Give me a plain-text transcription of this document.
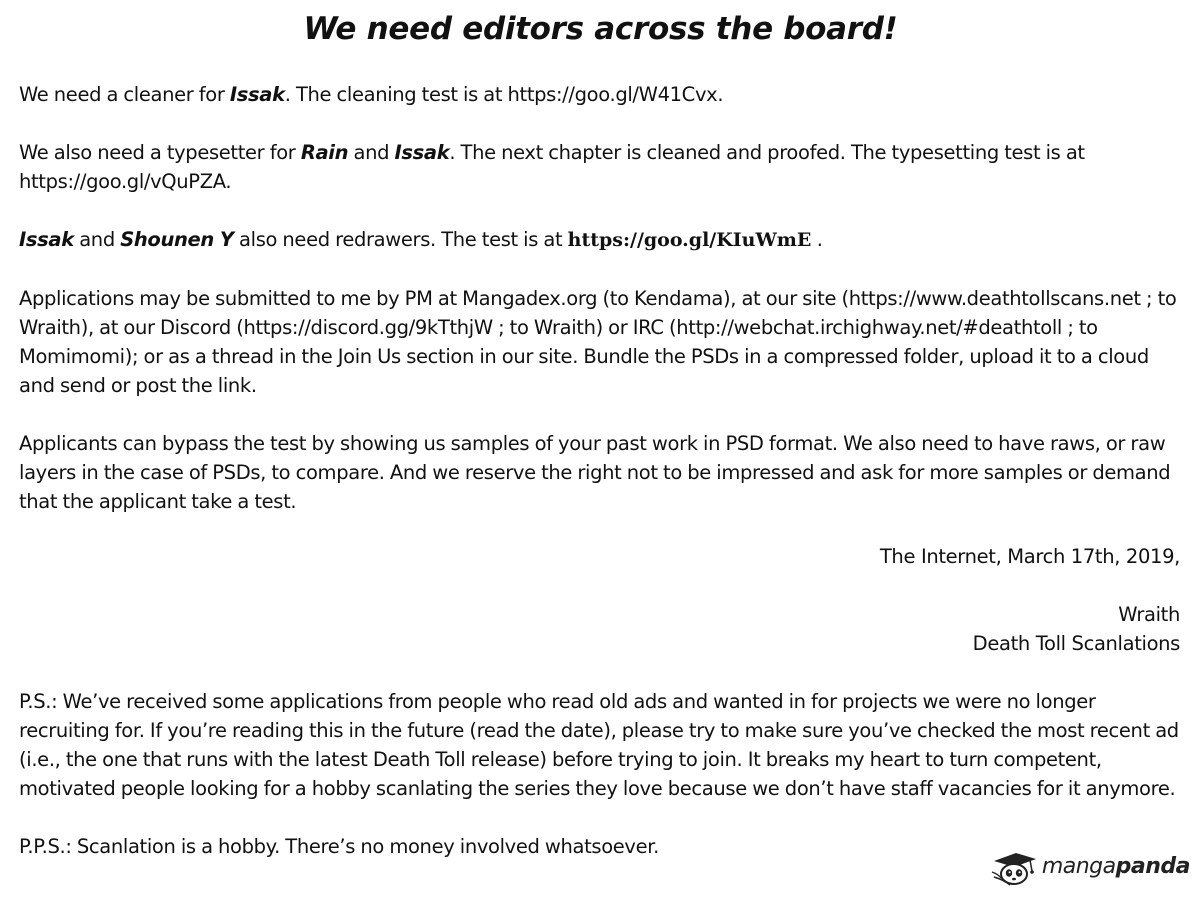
We need editors across the board!

We need a cleaner for Issak. The cleaning test is at https://goo.gl/W41Cvx.

We also need a typesetter for Rain and Issak. The next chapter is cleaned and proofed. The typesetting test is at https://goo.gl/vQuPZA.

Issak and Shounen Y also need redrawers. The test is at https://goo.gl/KIuWmE .

Applications may be submitted to me by PM at Mangadex.org (to Kendama), at our site (https://www.deathtollscans.net ; to Wraith), at our Discord (https://discord.gg/9kTthjW ; to Wraith) or IRC (http://webchat.irchighway.net/#deathtoll ; to Momimomi); or as a thread in the Join Us section in our site. Bundle the PSDs in a compressed folder, upload it to a cloud and send or post the link.

Applicants can bypass the test by showing us samples of your past work in PSD format. We also need to have raws, or raw layers in the case of PSDs, to compare. And we reserve the right not to be impressed and ask for more samples or demand that the applicant take a test.

The Internet, March 17th, 2019,

Wraith
Death Toll Scanlations

P.S.: We’ve received some applications from people who read old ads and wanted in for projects we were no longer recruiting for. If you’re reading this in the future (read the date), please try to make sure you’ve checked the most recent ad (i.e., the one that runs with the latest Death Toll release) before trying to join. It breaks my heart to turn competent, motivated people looking for a hobby scanlating the series they love because we don’t have staff vacancies for it anymore.

P.P.S.: Scanlation is a hobby. There’s no money involved whatsoever.

mangapanda
